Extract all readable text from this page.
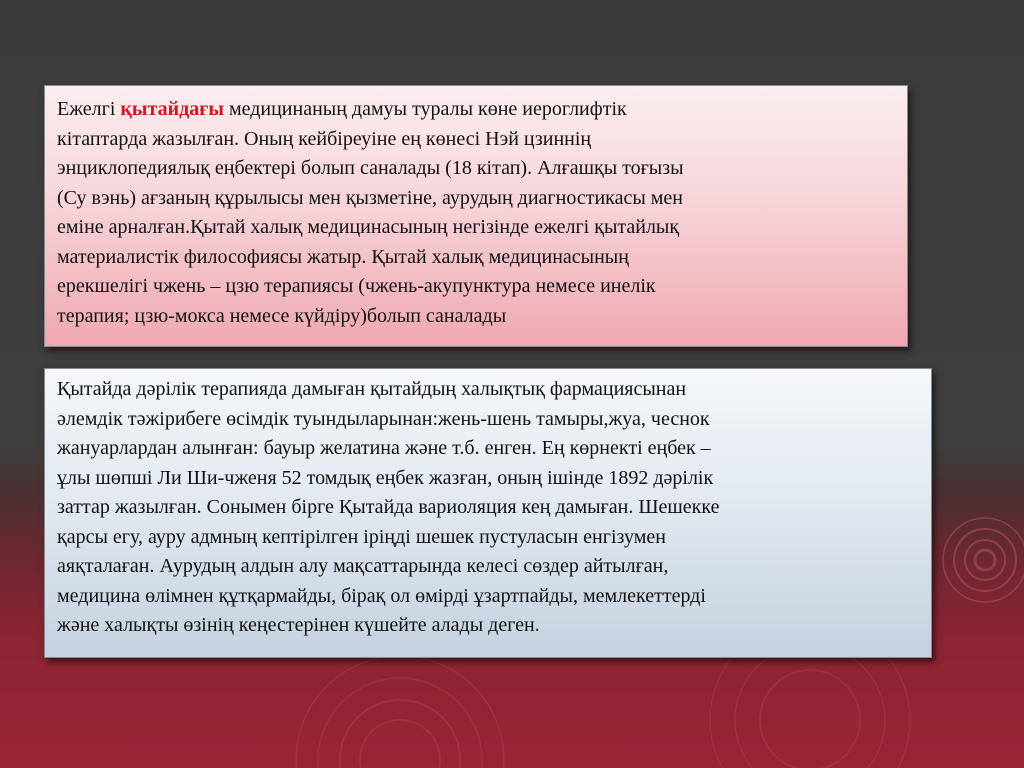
Ежелгі қытайдағы медицинаның дамуы туралы көне иероглифтік
кітаптарда жазылған. Оның кейбіреуіне ең көнесі Нэй цзиннің
энциклопедиялық еңбектері болып саналады (18 кітап). Алғашқы тоғызы
(Су вэнь) ағзаның құрылысы мен қызметіне, аурудың диагностикасы мен
еміне арналған.Қытай халық медицинасының негізінде ежелгі қытайлық
материалистік философиясы жатыр. Қытай халық медицинасының
ерекшелігі чжень – цзю терапиясы (чжень-акупунктура немесе инелік
терапия; цзю-мокса немесе күйдіру)болып саналады
Қытайда дәрілік терапияда дамыған қытайдың халықтық фармациясынан
әлемдік тәжірибеге өсімдік туындыларынан:жень-шень тамыры,жуа, чеснок
жануарлардан алынған: бауыр желатина және т.б. енген. Ең көрнекті еңбек –
ұлы шөпші Ли Ши-чженя 52 томдық еңбек жазған, оның ішінде 1892 дәрілік
заттар жазылған. Сонымен бірге Қытайда вариоляция кең дамыған. Шешекке
қарсы егу, ауру адмның кептірілген іріңді шешек пустуласын енгізумен
аяқталаған. Аурудың алдын алу мақсаттарында келесі сөздер айтылған,
медицина өлімнен құтқармайды, бірақ ол өмірді ұзартпайды, мемлекеттерді
және халықты өзінің кеңестерінен күшейте алады деген.
